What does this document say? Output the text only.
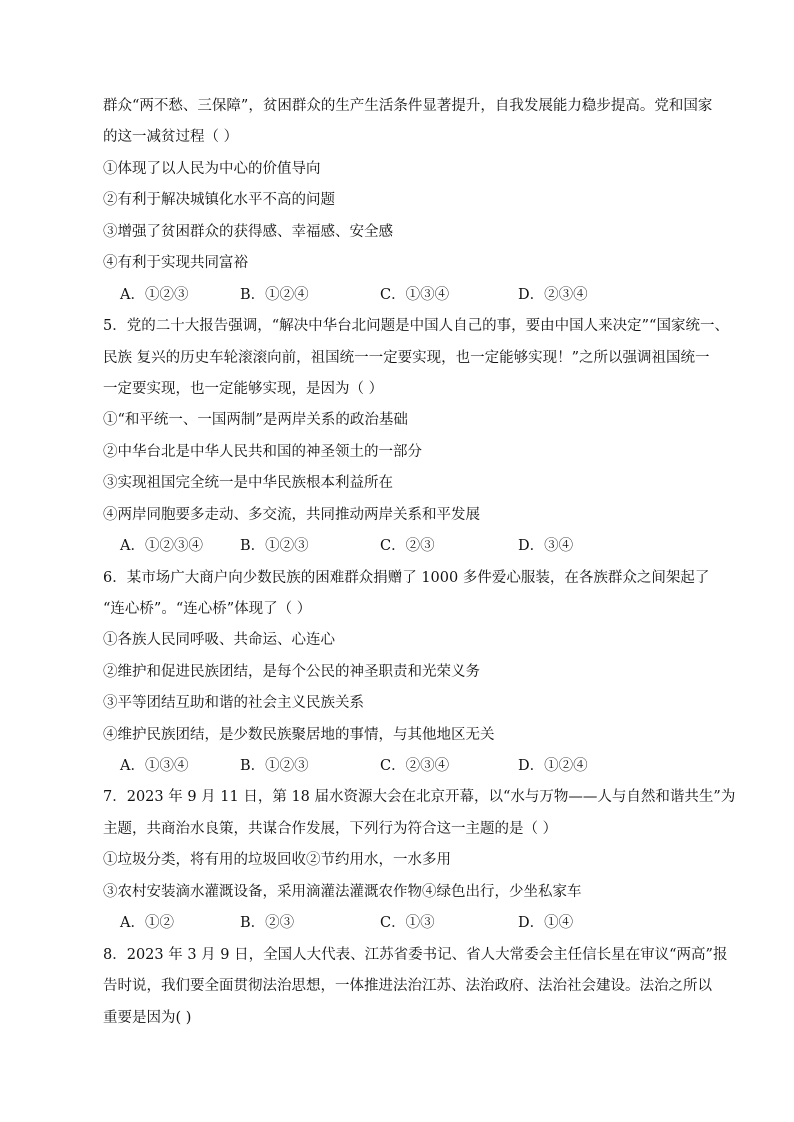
群众“两不愁、三保障”，贫困群众的生产生活条件显著提升，自我发展能力稳步提高。党和国家
的这一减贫过程（ ）
①体现了以人民为中心的价值导向
②有利于解决城镇化水平不高的问题
③增强了贫困群众的获得感、幸福感、安全感
④有利于实现共同富裕
A．①②③	B．①②④	C．①③④	D．②③④
5．党的二十大报告强调，“解决中华台北问题是中国人自己的事，要由中国人来决定”“国家统一、
民族 复兴的历史车轮滚滚向前，祖国统一一定要实现，也一定能够实现！”之所以强调祖国统一
一定要实现，也一定能够实现，是因为（ ）
①“和平统一、一国两制”是两岸关系的政治基础
②中华台北是中华人民共和国的神圣领土的一部分
③实现祖国完全统一是中华民族根本利益所在
④两岸同胞要多走动、多交流，共同推动两岸关系和平发展
A．①②③④	B．①②③	C．②③	D．③④
6．某市场广大商户向少数民族的困难群众捐赠了 1000 多件爱心服装，在各族群众之间架起了
“连心桥”。“连心桥”体现了（ ）
①各族人民同呼吸、共命运、心连心
②维护和促进民族团结，是每个公民的神圣职责和光荣义务
③平等团结互助和谐的社会主义民族关系
④维护民族团结，是少数民族聚居地的事情，与其他地区无关
A．①③④	B．①②③	C．②③④	D．①②④
7．2023 年 9 月 11 日，第 18 届水资源大会在北京开幕，以“水与万物——人与自然和谐共生”为
主题，共商治水良策，共谋合作发展，下列行为符合这一主题的是（ ）
①垃圾分类，将有用的垃圾回收②节约用水，一水多用
③农村安装滴水灌溉设备，采用滴灌法灌溉农作物④绿色出行，少坐私家车
A．①②	B．②③	C．①③	D．①④
8．2023 年 3 月 9 日，全国人大代表、江苏省委书记、省人大常委会主任信长星在审议“两高”报
告时说，我们要全面贯彻法治思想，一体推进法治江苏、法治政府、法治社会建设。法治之所以
重要是因为( )
